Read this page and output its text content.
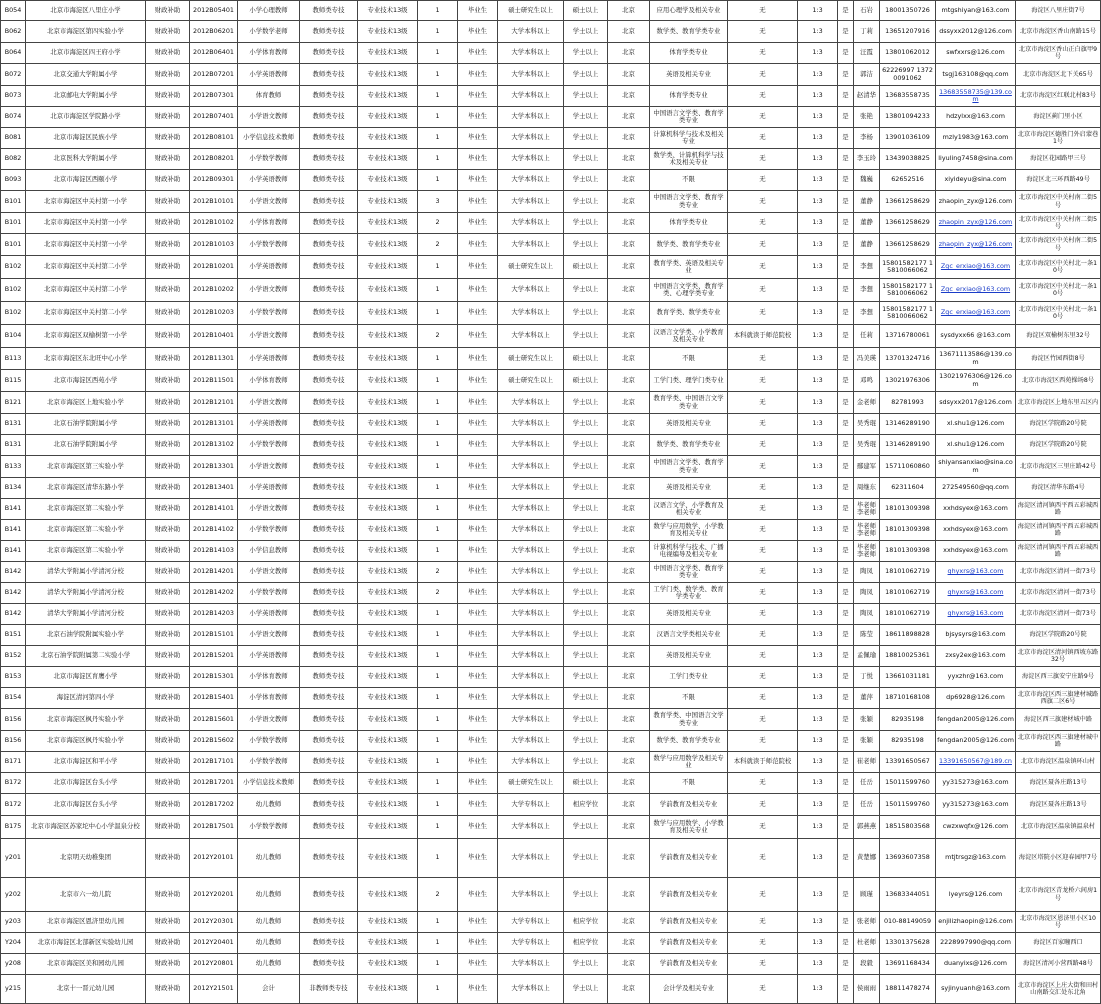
B054	北京市海淀区八里庄小学	财政补助	2012B05401	小学心理教师	教师类专技	专业技术13级	1	毕业生	硕士研究生以上	硕士以上	北京	应用心理学及相关专业	无	1:3	是	石岩	18001350726	mtgshiyan@163.com	海淀区八里庄街7号
B062	北京市海淀区第四实验小学	财政补助	2012B06201	小学数学老师	教师类专技	专业技术13级	1	毕业生	大学本科以上	学士以上	北京	数学类、教育学类专业	无	1:3	是	丁莉	13651207916	dssyxx2012@126.com	北京市海淀区香山南路15号
B064	北京市海淀区四王府小学	财政补助	2012B06401	小学体育教师	教师类专技	专业技术13级	1	毕业生	大学本科以上	学士以上	北京	体育学类专业	无	1:3	是	汪霞	13801062012	swfxxrs@126.com	北京市海淀区香山正白旗甲9号
B072	北京交通大学附属小学	财政补助	2012B07201	小学英语教师	教师类专技	专业技术13级	1	毕业生	大学本科以上	学士以上	北京	英语及相关专业	无	1:3	是	郭洁	62226997 13720091062	tsgj163108@qq.com	北京市海淀区北下关65号
B073	北京邮电大学附属小学	财政补助	2012B07301	体育教师	教师类专技	专业技术13级	1	毕业生	大学本科以上	学士以上	北京	体育学类专业	无	1:3	是	赵清华	13683558735	13683558735@139.com	北京市海淀区红联北村83号
B074	北京市海淀区学院路小学	财政补助	2012B07401	小学语文教师	教师类专技	专业技术13级	1	毕业生	大学本科以上	学士以上	北京	中国语言文学类、教育学类专业	无	1:3	是	张艳	13801094233	hdzylxx@163.com	海淀区蓟门里小区
B081	北京市海淀区民族小学	财政补助	2012B08101	小学信息技术教师	教师类专技	专业技术13级	1	毕业生	大学本科以上	学士以上	北京	计算机科学与技术及相关专业	无	1:3	是	李杨	13901036109	mzly1983@163.com	北京市海淀区德胜门外启蒙巷1号
B082	北京医科大学附属小学	财政补助	2012B08201	小学数学教师	教师类专技	专业技术13级	1	毕业生	大学本科以上	学士以上	北京	数学类、计算机科学与技术及相关专业	无	1:3	是	李玉玲	13439038825	liyuling7458@sina.com	海淀区花园路甲三号
B093	北京市海淀区西颐小学	财政补助	2012B09301	小学英语教师	教师类专技	专业技术13级	1	毕业生	大学本科以上	学士以上	北京	不限	无	1:3	是	魏巍	62652516	xiyideyu@sina.com	海淀区北三环西路49号
B101	北京市海淀区中关村第一小学	财政补助	2012B10101	小学语文教师	教师类专技	专业技术13级	3	毕业生	大学本科以上	学士以上	北京	中国语言文学类、教育学类专业	无	1:3	是	董静	13661258629	zhaopin_zyx@126.com	北京市海淀区中关村南二街5号
B101	北京市海淀区中关村第一小学	财政补助	2012B10102	小学体育教师	教师类专技	专业技术13级	2	毕业生	大学本科以上	学士以上	北京	体育学类专业	无	1:3	是	董静	13661258629	zhaopin_zyx@126.com	北京市海淀区中关村南二街5号
B101	北京市海淀区中关村第一小学	财政补助	2012B10103	小学数学教师	教师类专技	专业技术13级	2	毕业生	大学本科以上	学士以上	北京	数学类、教育学类专业	无	1:3	是	董静	13661258629	zhaopin_zyx@126.com	北京市海淀区中关村南二街5号
B102	北京市海淀区中关村第二小学	财政补助	2012B10201	小学英语教师	教师类专技	专业技术13级	1	毕业生	硕士研究生以上	硕士以上	北京	教育学类、英语及相关专业	无	1:3	是	李想	15801582177 15810066062	Zgc_erxiao@163.com	北京市海淀区中关村北一条10号
B102	北京市海淀区中关村第二小学	财政补助	2012B10202	小学语文教师	教师类专技	专业技术13级	1	毕业生	大学本科以上	学士以上	北京	中国语言文学类、教育学类、心理学类专业	无	1:3	是	李想	15801582177 15810066062	Zgc_erxiao@163.com	北京市海淀区中关村北一条10号
B102	北京市海淀区中关村第二小学	财政补助	2012B10203	小学数学教师	教师类专技	专业技术13级	1	毕业生	大学本科以上	学士以上	北京	教育学类、数学类专业	无	1:3	是	李想	15801582177 15810066062	Zgc_erxiao@163.com	北京市海淀区中关村北一条10号
B104	北京市海淀区双榆树第一小学	财政补助	2012B10401	小学语文教师	教师类专技	专业技术13级	2	毕业生	大学本科以上	学士以上	北京	汉语言文学类、小学教育及相关专业	本科就读于师范院校	1:3	是	任莉	13716780061	sysdyxx66 @163.com	海淀区双榆树东里32号
B113	北京市海淀区东北旺中心小学	财政补助	2012B11301	小学英语教师	教师类专技	专业技术13级	1	毕业生	硕士研究生以上	硕士以上	北京	不限	无	1:3	是	冯美瑛	13701324716	13671113586@139.com	海淀区竹园西街8号
B115	北京市海淀区西苑小学	财政补助	2012B11501	小学体育教师	教师类专技	专业技术13级	1	毕业生	硕士研究生以上	硕士以上	北京	工学门类、理学门类专业	无	1:3	是	邓鸣	13021976306	13021976306@126.com	北京市海淀区西苑操场8号
B121	北京市海淀区上地实验小学	财政补助	2012B12101	小学语文教师	教师类专技	专业技术13级	1	毕业生	大学本科以上	学士以上	北京	教育学类、中国语言文学类专业	无	1:3	是	金老师	82781993	sdsyxx2017@126.com	北京市海淀区上地东里五区内
B131	北京石油学院附属小学	财政补助	2012B13101	小学英语教师	教师类专技	专业技术13级	1	毕业生	大学本科以上	学士以上	北京	英语及相关专业	无	1:3	是	吴秀琨	13146289190	xl.shu1@126.com	海淀区学院路20号院
B131	北京石油学院附属小学	财政补助	2012B13102	小学数学教师	教师类专技	专业技术13级	1	毕业生	大学本科以上	学士以上	北京	数学类、教育学类专业	无	1:3	是	吴秀琨	13146289190	xl.shu1@126.com	海淀区学院路20号院
B133	北京市海淀区第三实验小学	财政补助	2012B13301	小学语文教师	教师类专技	专业技术13级	1	毕业生	大学本科以上	学士以上	北京	中国语言文学类、教育学类专业	无	1:3	是	鄢建军	15711060860	shiyansanxiao@sina.com	北京市海淀区三里庄路42号
B134	北京市海淀区清华东路小学	财政补助	2012B13401	小学英语教师	教师类专技	专业技术13级	1	毕业生	大学本科以上	学士以上	北京	英语及相关专业	无	1:3	是	周继东	62311604	272549560@qq.com	海淀区清华东路4号
B141	北京市海淀区第二实验小学	财政补助	2012B14101	小学语文教师	教师类专技	专业技术13级	1	毕业生	大学本科以上	学士以上	北京	汉语言文学、小学教育及相关专业	无	1:3	是	毕老师李老师	18101309398	xxhdsyex@163.com	海淀区清河镇西平西五彩城西路
B141	北京市海淀区第二实验小学	财政补助	2012B14102	小学数学教师	教师类专技	专业技术13级	1	毕业生	大学本科以上	学士以上	北京	数学与应用数学、小学教育及相关专业	无	1:3	是	毕老师李老师	18101309398	xxhdsyex@163.com	海淀区清河镇西平西五彩城西路
B141	北京市海淀区第二实验小学	财政补助	2012B14103	小学信息教师	教师类专技	专业技术13级	1	毕业生	大学本科以上	学士以上	北京	计算机科学与技术、广播电视编导及相关专业	无	1:3	是	毕老师李老师	18101309398	xxhdsyex@163.com	海淀区清河镇西平西五彩城西路
B142	清华大学附属小学清河分校	财政补助	2012B14201	小学语文教师	教师类专技	专业技术13级	2	毕业生	大学本科以上	学士以上	北京	中国语言文学类、教育学类专业	无	1:3	是	陶凤	18101062719	qhyxrs@163.com	北京市海淀区清河一街73号
B142	清华大学附属小学清河分校	财政补助	2012B14202	小学数学教师	教师类专技	专业技术13级	2	毕业生	大学本科以上	学士以上	北京	工学门类、数学类、教育学类专业	无	1:3	是	陶凤	18101062719	qhyxrs@163.com	北京市海淀区清河一街73号
B142	清华大学附属小学清河分校	财政补助	2012B14203	小学英语教师	教师类专技	专业技术13级	1	毕业生	大学本科以上	学士以上	北京	英语及相关专业	无	1:3	是	陶凤	18101062719	qhyxrs@163.com	北京市海淀区清河一街73号
B151	北京石油学院附属实验小学	财政补助	2012B15101	小学语文教师	教师类专技	专业技术13级	1	毕业生	大学本科以上	学士以上	北京	汉语言文学类相关专业	无	1:3	是	陈莹	18611898828	bjsysyrs@163.com	海淀区学院路20号院
B152	北京石油学院附属第二实验小学	财政补助	2012B15201	小学英语教师	教师类专技	专业技术13级	1	毕业生	大学本科以上	学士以上	北京	英语及相关专业	无	1:3	是	孟佩瑜	18810025361	zxsy2ex@163.com	北京市海淀区清河镇西坡东路32号
B153	北京市海淀区育鹰小学	财政补助	2012B15301	小学体育教师	教师类专技	专业技术13级	1	毕业生	大学本科以上	学士以上	北京	工学门类专业	无	1:3	是	丁悦	13661031181	yyxzhr@163.com	海淀区西三旗安宁庄路9号
B154	海淀区清河第四小学	财政补助	2012B15401	小学体育教师	教师类专技	专业技术13级	1	毕业生	大学本科以上	学士以上	北京	不限	无	1:3	是	董萍	18710168108	dp6928@126.com	北京市海淀区西三旗建材城路西旗二区6号
B156	北京市海淀区枫丹实验小学	财政补助	2012B15601	小学语文教师	教师类专技	专业技术13级	1	毕业生	大学本科以上	学士以上	北京	教育学类、中国语言文学类专业	无	1:3	是	张颖	82935198	fengdan2005@126.com	海淀区西三旗建材城中路
B156	北京市海淀区枫丹实验小学	财政补助	2012B15602	小学数学教师	教师类专技	专业技术13级	1	毕业生	大学本科以上	学士以上	北京	数学类、教育学类专业	无	1:3	是	张颖	82935198	fengdan2005@126.com	北京市海淀区西三旗建材城中路
B171	北京市海淀区和平小学	财政补助	2012B17101	小学数学教师	教师类专技	专业技术13级	1	毕业生	大学本科以上	学士以上	北京	数学与应用数学及相关专业	本科就读于师范院校	1:3	是	崔老师	13391650567	13391650567@189.cn	北京市海淀区温泉镇环山村
B172	北京市海淀区台头小学	财政补助	2012B17201	小学信息技术教师	教师类专技	专业技术13级	1	毕业生	硕士研究生以上	硕士以上	北京	不限	无	1:3	是	任岳	15011599760	yy315273@163.com	海淀区聂各庄路13号
B172	北京市海淀区台头小学	财政补助	2012B17202	幼儿教师	教师类专技	专业技术13级	1	毕业生	大学专科以上	相应学位	北京	学前教育及相关专业	无	1:3	是	任岳	15011599760	yy315273@163.com	海淀区聂各庄路13号
B175	北京市海淀区苏家坨中心小学温泉分校	财政补助	2012B17501	小学数学教师	教师类专技	专业技术13级	1	毕业生	大学本科以上	学士以上	北京	数学与应用数学、小学教育及相关专业	无	1:3	是	郭燕燕	18515803568	cwzxwqfx@126.com	北京市海淀区温泉镇温泉村
y201	北京明天幼稚集团	财政补助	2012Y20101	幼儿教师	教师类专技	专业技术13级	1	毕业生	大学本科以上	学士以上	北京	学前教育及相关专业	无	1:3	是	黄楚娜	13693607358	mtjtrsgz@163.com	海淀区塔院小区迎春园甲7号
y202	北京市六一幼儿院	财政补助	2012Y20201	幼儿教师	教师类专技	专业技术13级	2	毕业生	大学本科以上	学士以上	北京	学前教育及相关专业	无	1:3	是	顾瑾	13683344051	lyeyrs@126.com	北京市海淀区青龙桥六间房1号
y203	北京市海淀区恩济里幼儿园	财政补助	2012Y20301	幼儿教师	教师类专技	专业技术13级	1	毕业生	大学专科以上	相应学位	北京	学前教育及相关专业	无	1:3	是	张老师	010-88149059	enjilizhaopin@126.com	北京市海淀区恩济里小区10号
Y204	北京市海淀区北部新区实验幼儿园	财政补助	2012Y20401	幼儿教师	教师类专技	专业技术13级	1	毕业生	大学专科以上	相应学位	北京	学前教育及相关专业	无	1:3	是	杜老师	13301375628	2228997990@qq.com	海淀区百家疃西口
y208	北京市海淀区美和园幼儿园	财政补助	2012Y20801	幼儿教师	教师类专技	专业技术13级	1	毕业生	大学本科以上	学士以上	北京	学前教育及相关专业	无	1:3	是	段毅	13691168434	duanyixs@126.com	海淀区清河小营西路48号
y215	北京十一晋元幼儿园	财政补助	2012Y21501	会计	非教师类专技	专业技术13级	1	毕业生	大学本科以上	学士以上	北京	会计学及相关专业	无	1:3	是	侯雨雨	18811478274	syjinyuanh@163.com	北京市海淀区上庄大街和田村山南路交汇处东北角
